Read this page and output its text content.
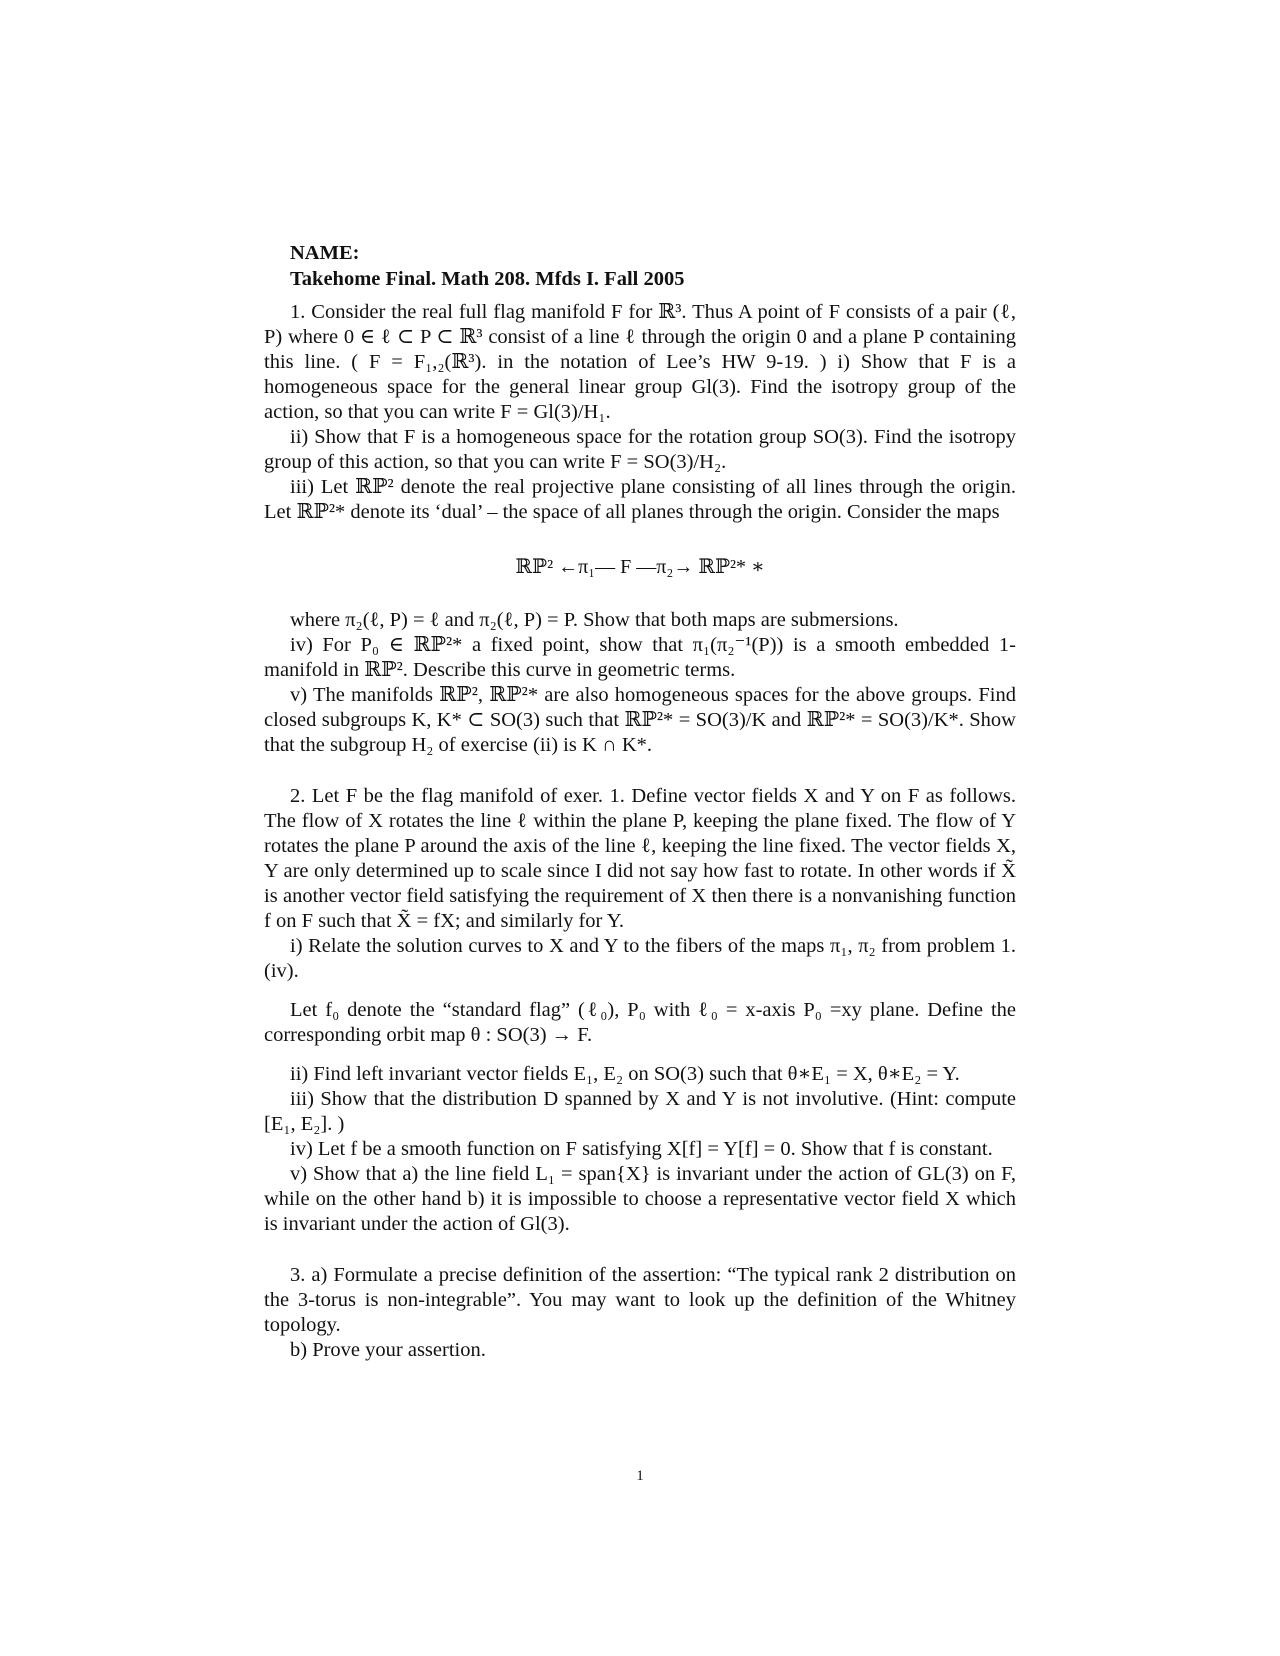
NAME:
Takehome Final. Math 208. Mfds I. Fall 2005

1. Consider the real full flag manifold F for ℝ³. Thus A point of F consists of a pair (ℓ, P) where 0 ∈ ℓ ⊂ P ⊂ ℝ³ consist of a line ℓ through the origin 0 and a plane P containing this line. ( F = F₁,₂(ℝ³). in the notation of Lee’s HW 9-19. ) i) Show that F is a homogeneous space for the general linear group Gl(3). Find the isotropy group of the action, so that you can write F = Gl(3)/H₁.

ii) Show that F is a homogeneous space for the rotation group SO(3). Find the isotropy group of this action, so that you can write F = SO(3)/H₂.

iii) Let ℝℙ² denote the real projective plane consisting of all lines through the origin. Let ℝℙ²* denote its ‘dual’ – the space of all planes through the origin. Consider the maps

ℝℙ² ←π₁— F —π₂→ ℝℙ²* ∗

where π₂(ℓ, P) = ℓ and π₂(ℓ, P) = P. Show that both maps are submersions.

iv) For P₀ ∈ ℝℙ²* a fixed point, show that π₁(π₂⁻¹(P)) is a smooth embedded 1-manifold in ℝℙ². Describe this curve in geometric terms.

v) The manifolds ℝℙ², ℝℙ²* are also homogeneous spaces for the above groups. Find closed subgroups K, K* ⊂ SO(3) such that ℝℙ²* = SO(3)/K and ℝℙ²* = SO(3)/K*. Show that the subgroup H₂ of exercise (ii) is K ∩ K*.

2. Let F be the flag manifold of exer. 1. Define vector fields X and Y on F as follows. The flow of X rotates the line ℓ within the plane P, keeping the plane fixed. The flow of Y rotates the plane P around the axis of the line ℓ, keeping the line fixed. The vector fields X, Y are only determined up to scale since I did not say how fast to rotate. In other words if X̃ is another vector field satisfying the requirement of X then there is a nonvanishing function f on F such that X̃ = fX; and similarly for Y.

i) Relate the solution curves to X and Y to the fibers of the maps π₁, π₂ from problem 1.(iv).

Let f₀ denote the “standard flag” (ℓ₀), P₀ with ℓ₀ = x-axis P₀ =xy plane. Define the corresponding orbit map θ : SO(3) → F.

ii) Find left invariant vector fields E₁, E₂ on SO(3) such that θ∗E₁ = X, θ∗E₂ = Y.

iii) Show that the distribution D spanned by X and Y is not involutive. (Hint: compute [E₁, E₂]. )

iv) Let f be a smooth function on F satisfying X[f] = Y[f] = 0. Show that f is constant.

v) Show that a) the line field L₁ = span{X} is invariant under the action of GL(3) on F, while on the other hand b) it is impossible to choose a representative vector field X which is invariant under the action of Gl(3).

3. a) Formulate a precise definition of the assertion: “The typical rank 2 distribution on the 3-torus is non-integrable”. You may want to look up the definition of the Whitney topology.

b) Prove your assertion.

1
